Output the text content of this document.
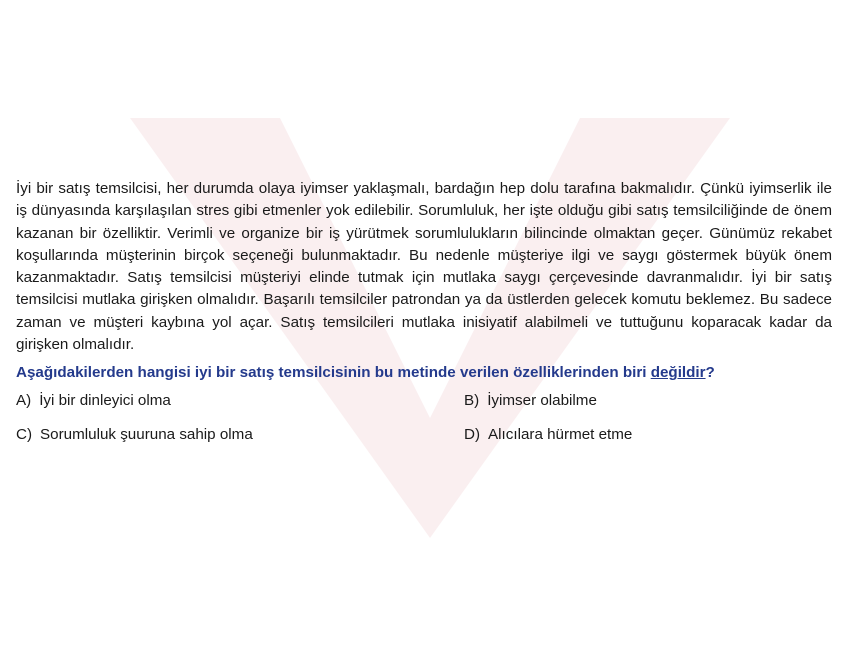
İyi bir satış temsilcisi, her durumda olaya iyimser yaklaşmalı, bardağın hep dolu tarafına bakmalıdır. Çünkü iyimserlik ile iş dünyasında karşılaşılan stres gibi etmenler yok edilebilir. Sorumluluk, her işte olduğu gibi satış temsilciliğinde de önem kazanan bir özelliktir. Verimli ve organize bir iş yürütmek sorumlulukların bilincinde olmaktan geçer. Günümüz rekabet koşullarında müşterinin birçok seçeneği bulunmaktadır. Bu nedenle müşteriye ilgi ve saygı göstermek büyük önem kazanmaktadır. Satış temsilcisi müşteriyi elinde tutmak için mutlaka saygı çerçevesinde davranmalıdır. İyi bir satış temsilcisi mutlaka girişken olmalıdır. Başarılı temsilciler patrondan ya da üstlerden gelecek komutu beklemez. Bu sadece zaman ve müşteri kaybına yol açar. Satış temsilcileri mutlaka inisiyatif alabilmeli ve tuttuğunu koparacak kadar da girişken olmalıdır.

Aşağıdakilerden hangisi iyi bir satış temsilcisinin bu metinde verilen özelliklerinden biri değildir?
A) İyi bir dinleyici olma	B) İyimser olabilme
C) Sorumluluk şuuruna sahip olma	D) Alıcılara hürmet etme
